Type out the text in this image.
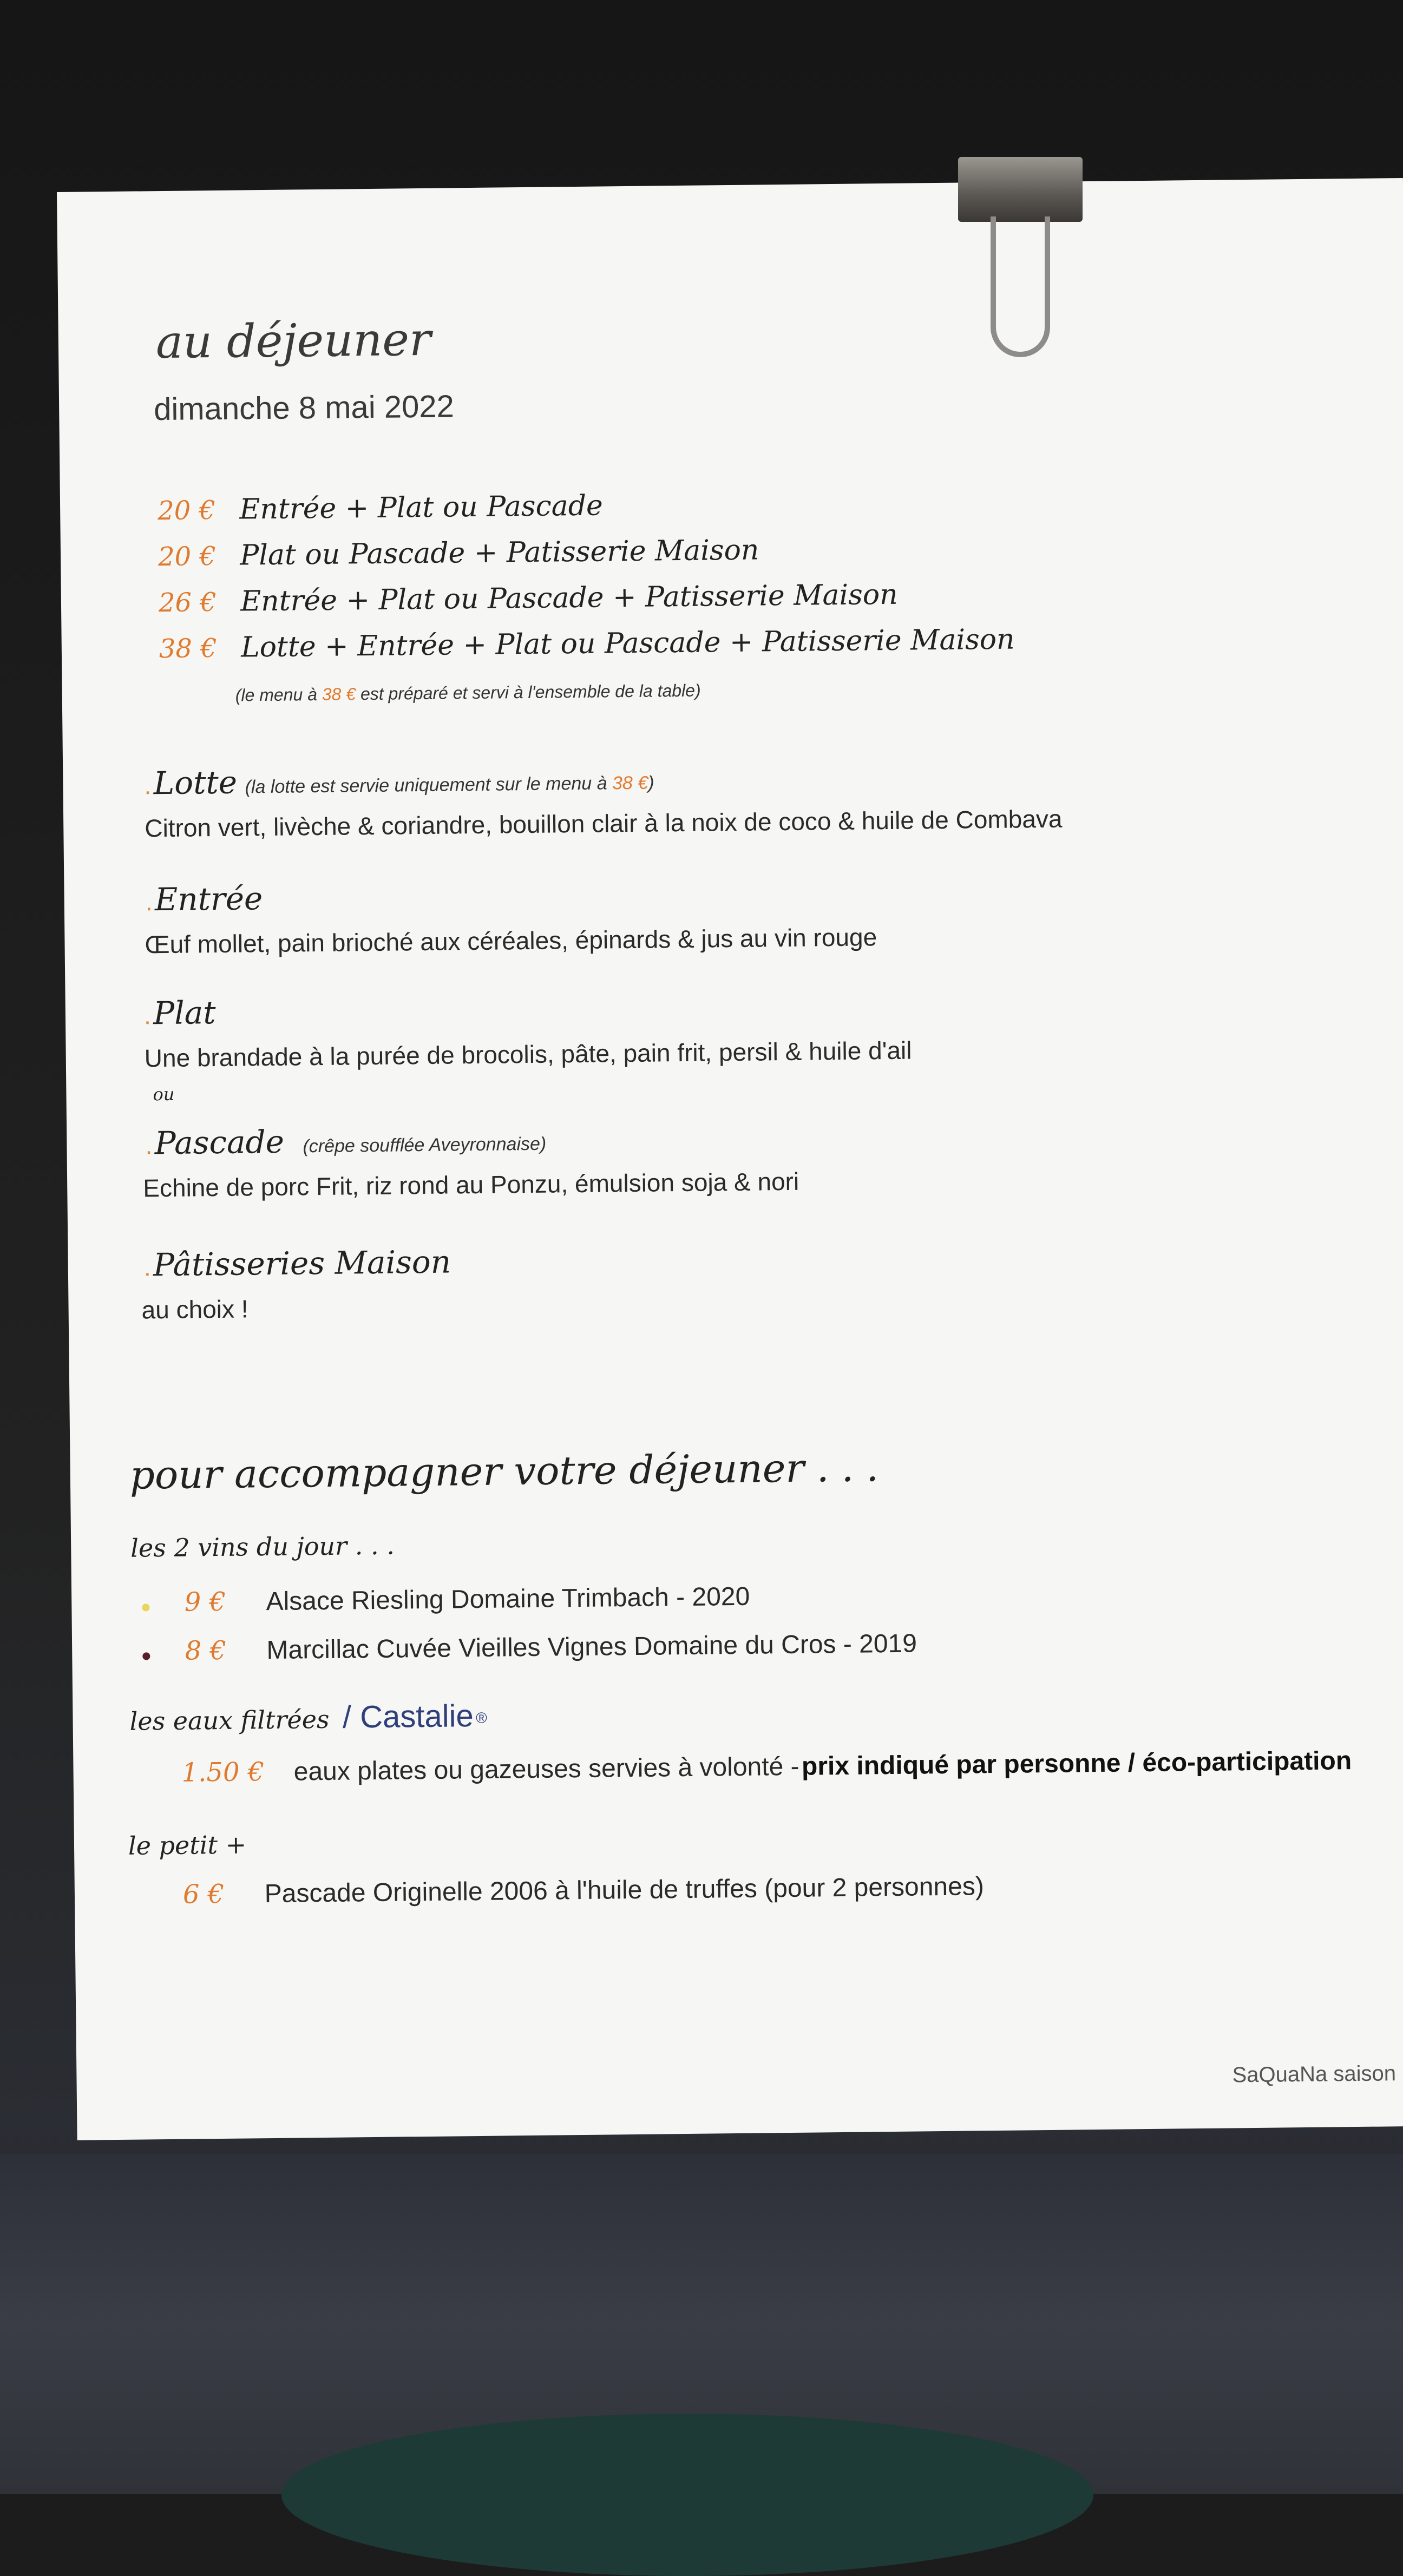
au déjeuner
dimanche 8 mai 2022
20 € Entrée + Plat ou Pascade
20 € Plat ou Pascade + Patisserie Maison
26 € Entrée + Plat ou Pascade + Patisserie Maison
38 € Lotte + Entrée + Plat ou Pascade + Patisserie Maison
(le menu à 38 € est préparé et servi à l'ensemble de la table)
. Lotte (la lotte est servie uniquement sur le menu à 38 €)
Citron vert, livèche & coriandre, bouillon clair à la noix de coco & huile de Combava
. Entrée
Œuf mollet, pain brioché aux céréales, épinards & jus au vin rouge
. Plat
Une brandade à la purée de brocolis, pâte, pain frit, persil & huile d'ail
ou
. Pascade (crêpe soufflée Aveyronnaise)
Echine de porc Frit, riz rond au Ponzu, émulsion soja & nori
. Pâtisseries Maison
au choix !
pour accompagner votre déjeuner . . .
les 2 vins du jour . . .
9 € Alsace Riesling Domaine Trimbach - 2020
8 € Marcillac Cuvée Vieilles Vignes Domaine du Cros - 2019
les eaux filtrées / Castalie ®
1.50 € eaux plates ou gazeuses servies à volonté - prix indiqué par personne / éco-participation
le petit +
6 € Pascade Originelle 2006 à l'huile de truffes (pour 2 personnes)
SaQuaNa saison
